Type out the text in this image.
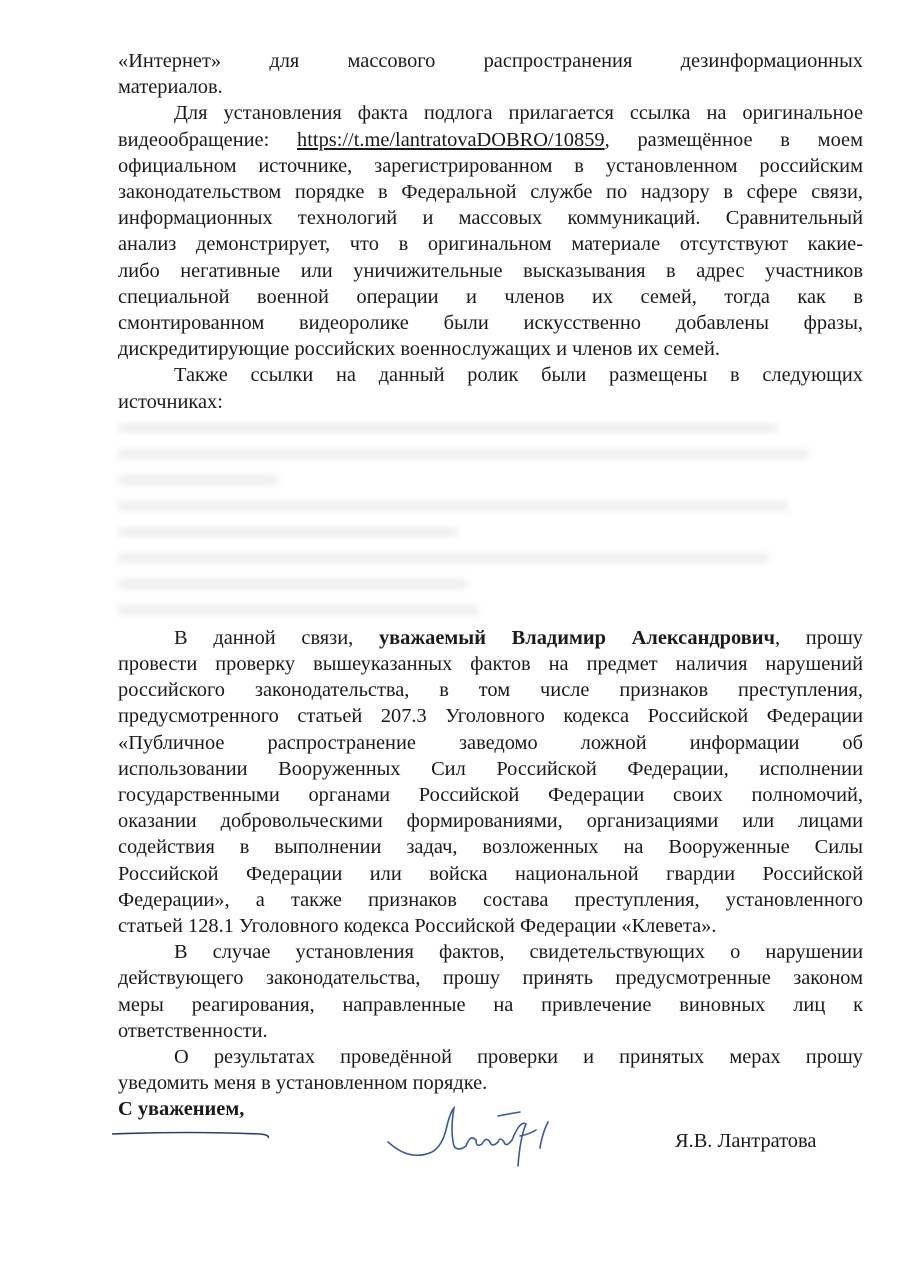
«Интернет» для массового распространения дезинформационных
материалов.
Для установления факта подлога прилагается ссылка на оригинальное
видеообращение: https://t.me/lantratovaDOBRO/10859, размещённое в моем
официальном источнике, зарегистрированном в установленном российским
законодательством порядке в Федеральной службе по надзору в сфере связи,
информационных технологий и массовых коммуникаций. Сравнительный
анализ демонстрирует, что в оригинальном материале отсутствуют какие-
либо негативные или уничижительные высказывания в адрес участников
специальной военной операции и членов их семей, тогда как в
смонтированном видеоролике были искусственно добавлены фразы,
дискредитирующие российских военнослужащих и членов их семей.
Также ссылки на данный ролик были размещены в следующих
источниках:
В данной связи, уважаемый Владимир Александрович, прошу
провести проверку вышеуказанных фактов на предмет наличия нарушений
российского законодательства, в том числе признаков преступления,
предусмотренного статьей 207.3 Уголовного кодекса Российской Федерации
«Публичное распространение заведомо ложной информации об
использовании Вооруженных Сил Российской Федерации, исполнении
государственными органами Российской Федерации своих полномочий,
оказании добровольческими формированиями, организациями или лицами
содействия в выполнении задач, возложенных на Вооруженные Силы
Российской Федерации или войска национальной гвардии Российской
Федерации», а также признаков состава преступления, установленного
статьей 128.1 Уголовного кодекса Российской Федерации «Клевета».
В случае установления фактов, свидетельствующих о нарушении
действующего законодательства, прошу принять предусмотренные законом
меры реагирования, направленные на привлечение виновных лиц к
ответственности.
О результатах проведённой проверки и принятых мерах прошу
уведомить меня в установленном порядке.
С уважением,
Я.В. Лантратова
